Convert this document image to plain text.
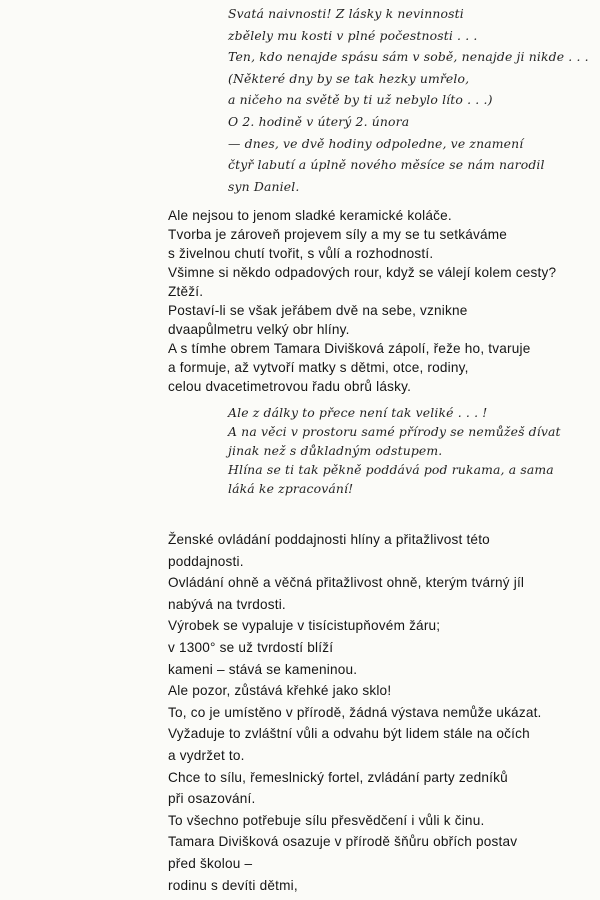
Svatá naivnosti! Z lásky k nevinnosti
zbělely mu kosti v plné počestnosti . . .
Ten, kdo nenajde spásu sám v sobě, nenajde ji nikde . . .
(Některé dny by se tak hezky umřelo,
a ničeho na světě by ti už nebylo líto . . .)
O 2. hodině v úterý 2. února
— dnes, ve dvě hodiny odpoledne, ve znamení
čtyř labutí a úplně nového měsíce se nám narodil
syn Daniel.
Ale nejsou to jenom sladké keramické koláče.
Tvorba je zároveň projevem síly a my se tu setkáváme
s živelnou chutí tvořit, s vůlí a rozhodností.
Všimne si někdo odpadových rour, když se válejí kolem cesty?
Ztěží.
Postaví-li se však jeřábem dvě na sebe, vznikne
dvaapůlmetru velký obr hlíny.
A s tímhe obrem Tamara Divišková zápolí, řeže ho, tvaruje
a formuje, až vytvoří matky s dětmi, otce, rodiny,
celou dvacetimetrovou řadu obrů lásky.
Ale z dálky to přece není tak veliké . . . !
A na věci v prostoru samé přírody se nemůžeš dívat
jinak než s důkladným odstupem.
Hlína se ti tak pěkně poddává pod rukama, a sama
láká ke zpracování!
Ženské ovládání poddajnosti hlíny a přitažlivost této
poddajnosti.
Ovládání ohně a věčná přitažlivost ohně, kterým tvárný jíl
nabývá na tvrdosti.
Výrobek se vypaluje v tisícistupňovém žáru;
v 1300° se už tvrdostí blíží
kameni – stává se kameninou.
Ale pozor, zůstává křehké jako sklo!
To, co je umístěno v přírodě, žádná výstava nemůže ukázat.
Vyžaduje to zvláštní vůli a odvahu být lidem stále na očích
a vydržet to.
Chce to sílu, řemeslnický fortel, zvládání party zedníků
při osazování.
To všechno potřebuje sílu přesvědčení i vůli k činu.
Tamara Divišková osazuje v přírodě šňůru obřích postav
před školou –
rodinu s devíti dětmi,
